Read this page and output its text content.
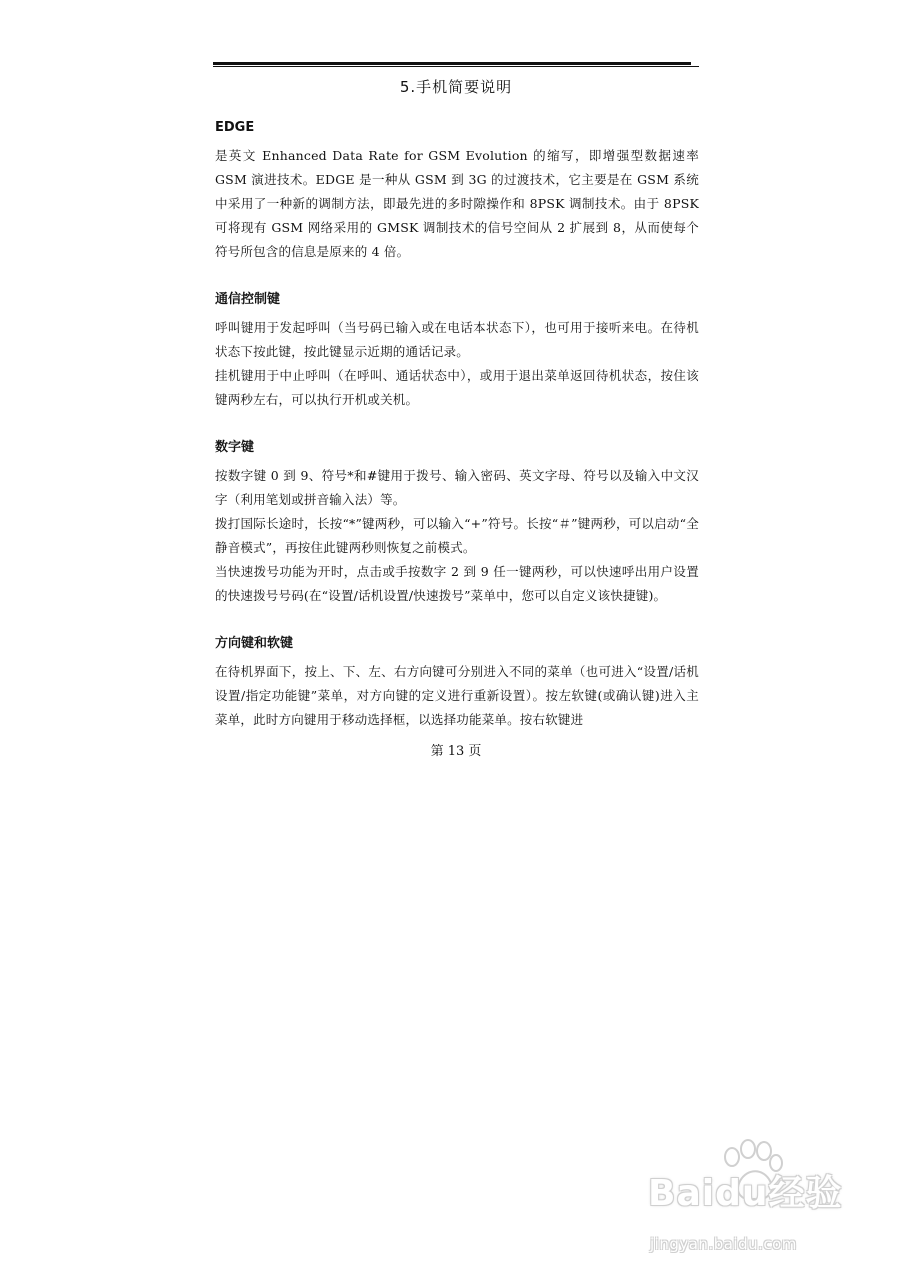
5.手机简要说明
EDGE

是英文 Enhanced Data Rate for GSM Evolution 的缩写，即增强型数据速率 GSM 演进技术。EDGE 是一种从 GSM 到 3G 的过渡技术，它主要是在 GSM 系统中采用了一种新的调制方法，即最先进的多时隙操作和 8PSK 调制技术。由于 8PSK 可将现有 GSM 网络采用的 GMSK 调制技术的信号空间从 2 扩展到 8，从而使每个符号所包含的信息是原来的 4 倍。

通信控制键

呼叫键用于发起呼叫（当号码已输入或在电话本状态下），也可用于接听来电。在待机状态下按此键，按此键显示近期的通话记录。

挂机键用于中止呼叫（在呼叫、通话状态中），或用于退出菜单返回待机状态，按住该键两秒左右，可以执行开机或关机。

数字键

按数字键 0 到 9、符号*和#键用于拨号、输入密码、英文字母、符号以及输入中文汉字（利用笔划或拼音输入法）等。

拨打国际长途时，长按“*”键两秒，可以输入“+”符号。长按“＃”键两秒，可以启动“全静音模式”，再按住此键两秒则恢复之前模式。

当快速拨号功能为开时，点击或手按数字 2 到 9 任一键两秒，可以快速呼出用户设置的快速拨号号码(在“设置/话机设置/快速拨号”菜单中，您可以自定义该快捷键)。

方向键和软键

在待机界面下，按上、下、左、右方向键可分别进入不同的菜单（也可进入“设置/话机设置/指定功能键”菜单，对方向键的定义进行重新设置）。按左软键(或确认键)进入主菜单，此时方向键用于移动选择框，以选择功能菜单。按右软键进

第 13 页
Baidu经验
jingyan.baidu.com
